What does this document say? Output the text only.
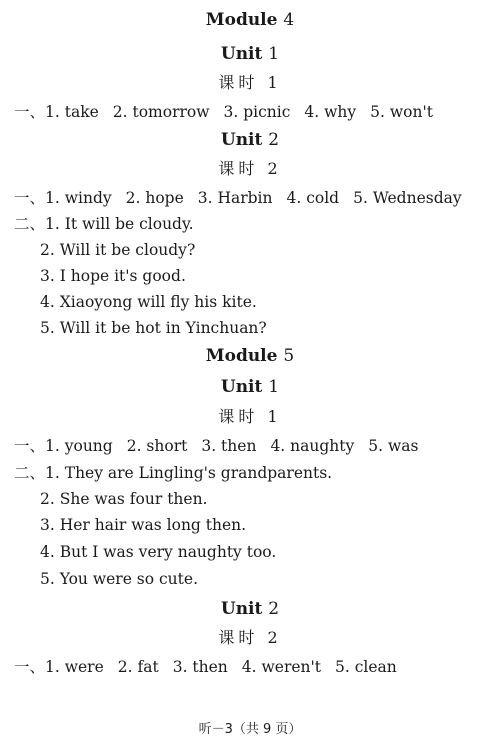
Module 4
Unit 1
课时 1
一、1. take 2. tomorrow 3. picnic 4. why 5. won't
Unit 2
课时 2
一、1. windy 2. hope 3. Harbin 4. cold 5. Wednesday
二、1. It will be cloudy.
2. Will it be cloudy?
3. I hope it's good.
4. Xiaoyong will fly his kite.
5. Will it be hot in Yinchuan?
Module 5
Unit 1
课时 1
一、1. young 2. short 3. then 4. naughty 5. was
二、1. They are Lingling's grandparents.
2. She was four then.
3. Her hair was long then.
4. But I was very naughty too.
5. You were so cute.
Unit 2
课时 2
一、1. were 2. fat 3. then 4. weren't 5. clean
听－3（共 9 页）
